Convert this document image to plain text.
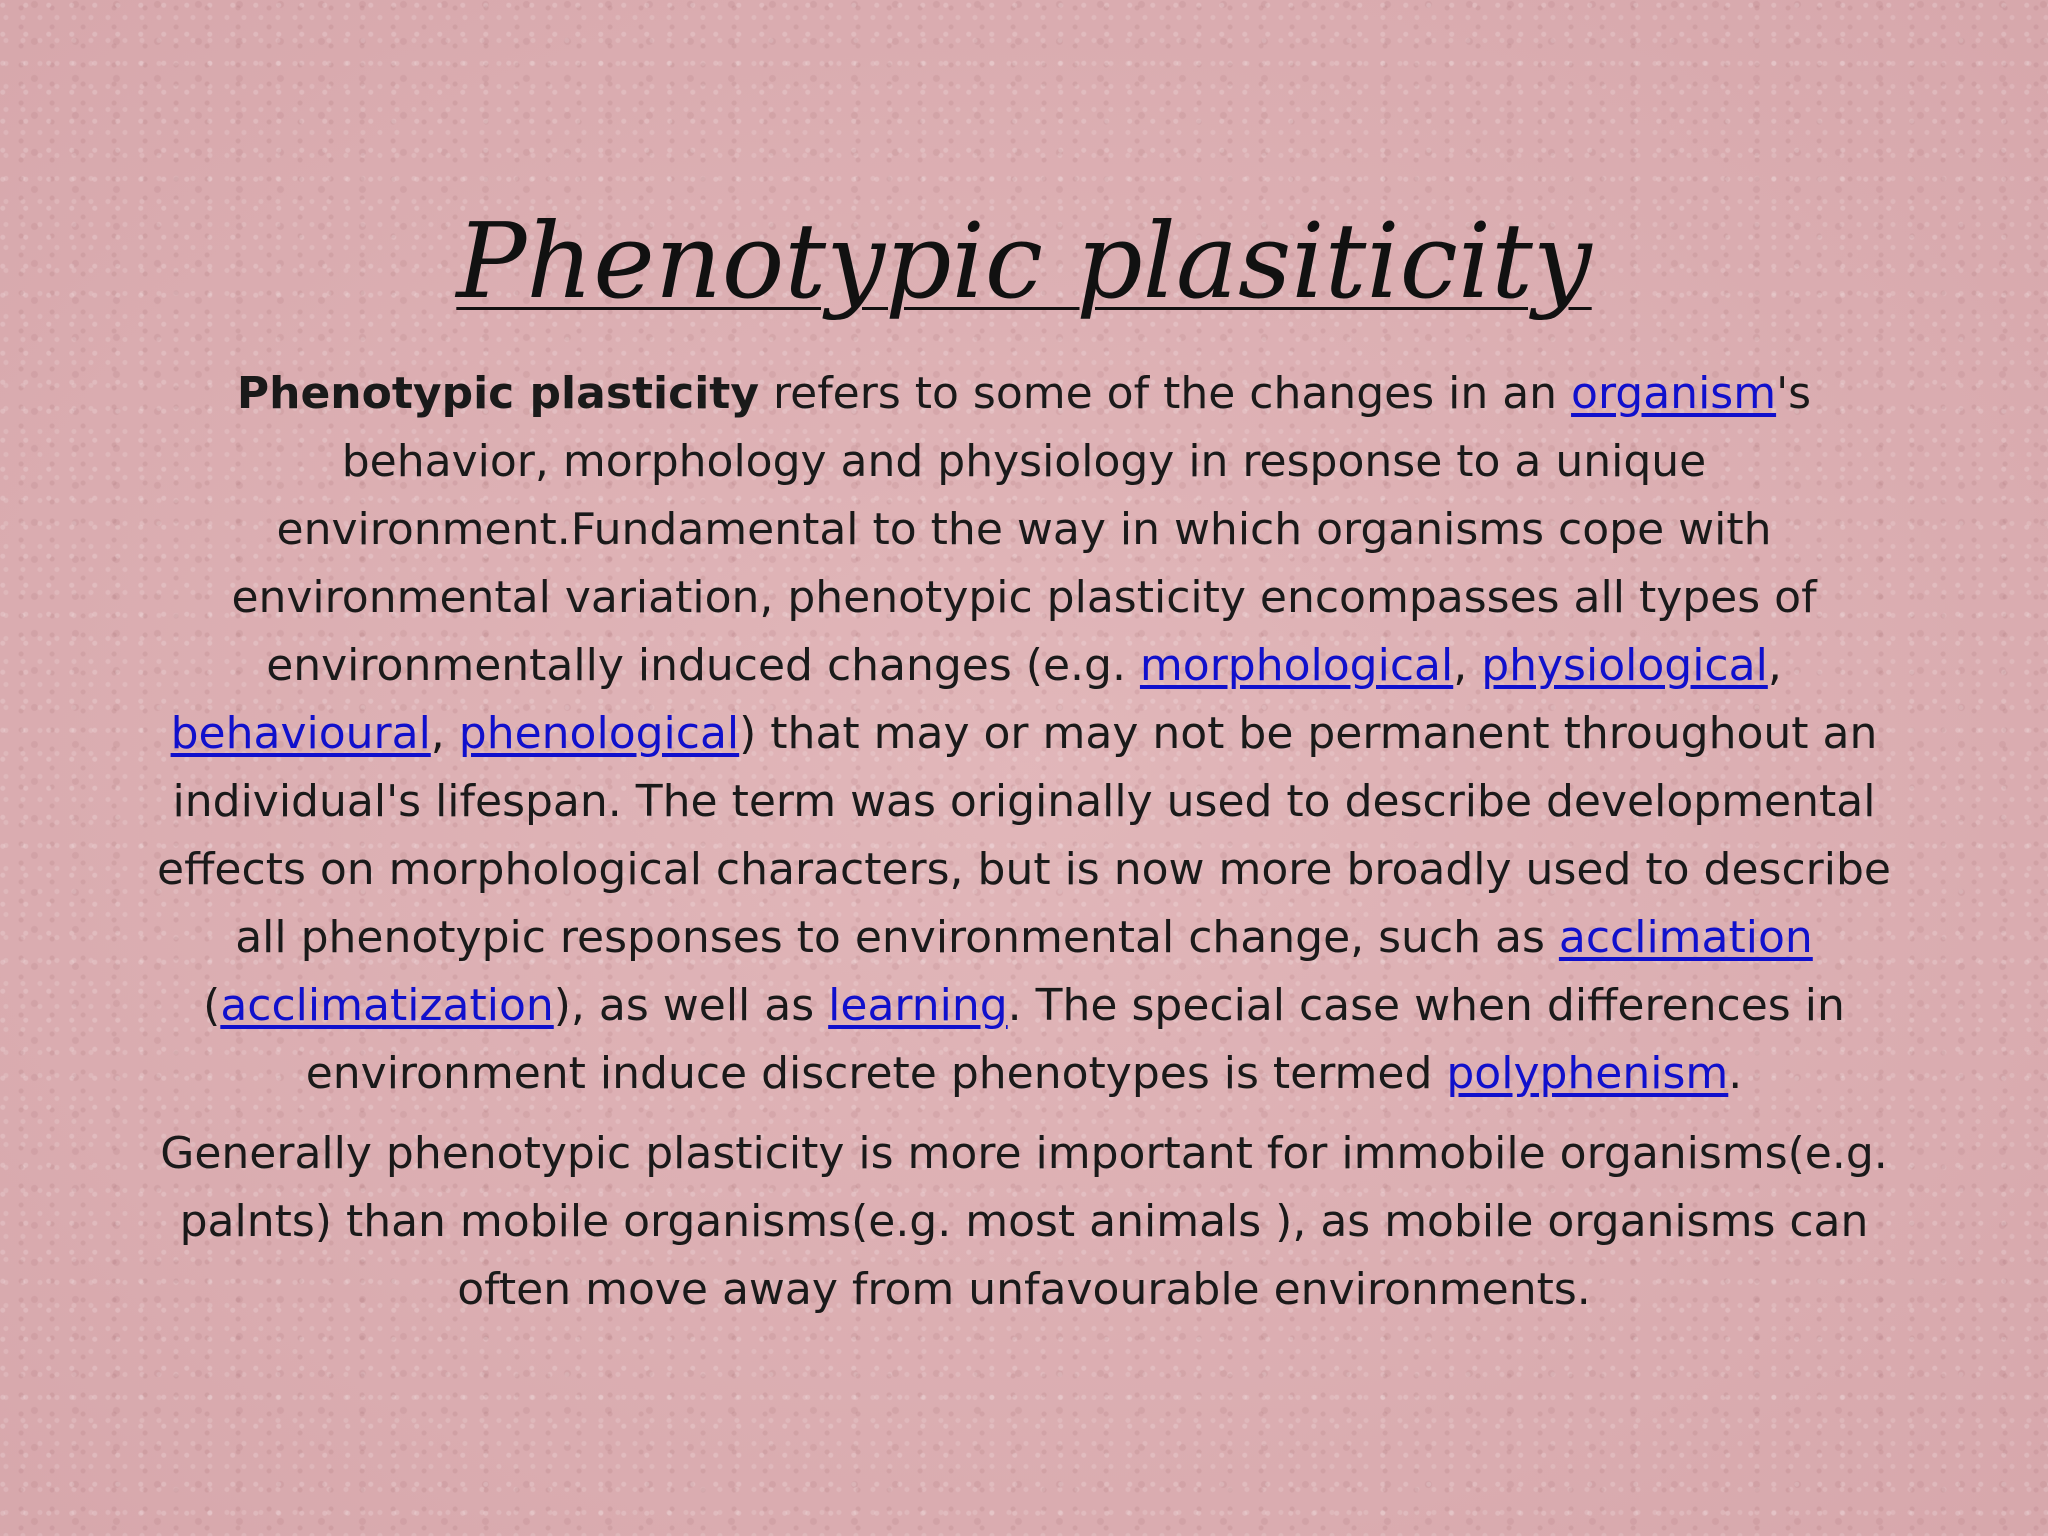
Phenotypic plasiticity

Phenotypic plasticity refers to some of the changes in an organism's behavior, morphology and physiology in response to a unique environment.Fundamental to the way in which organisms cope with environmental variation, phenotypic plasticity encompasses all types of environmentally induced changes (e.g. morphological, physiological, behavioural, phenological) that may or may not be permanent throughout an individual's lifespan. The term was originally used to describe developmental effects on morphological characters, but is now more broadly used to describe all phenotypic responses to environmental change, such as acclimation (acclimatization), as well as learning. The special case when differences in environment induce discrete phenotypes is termed polyphenism.

Generally phenotypic plasticity is more important for immobile organisms(e.g. palnts) than mobile organisms(e.g. most animals ), as mobile organisms can often move away from unfavourable environments.
